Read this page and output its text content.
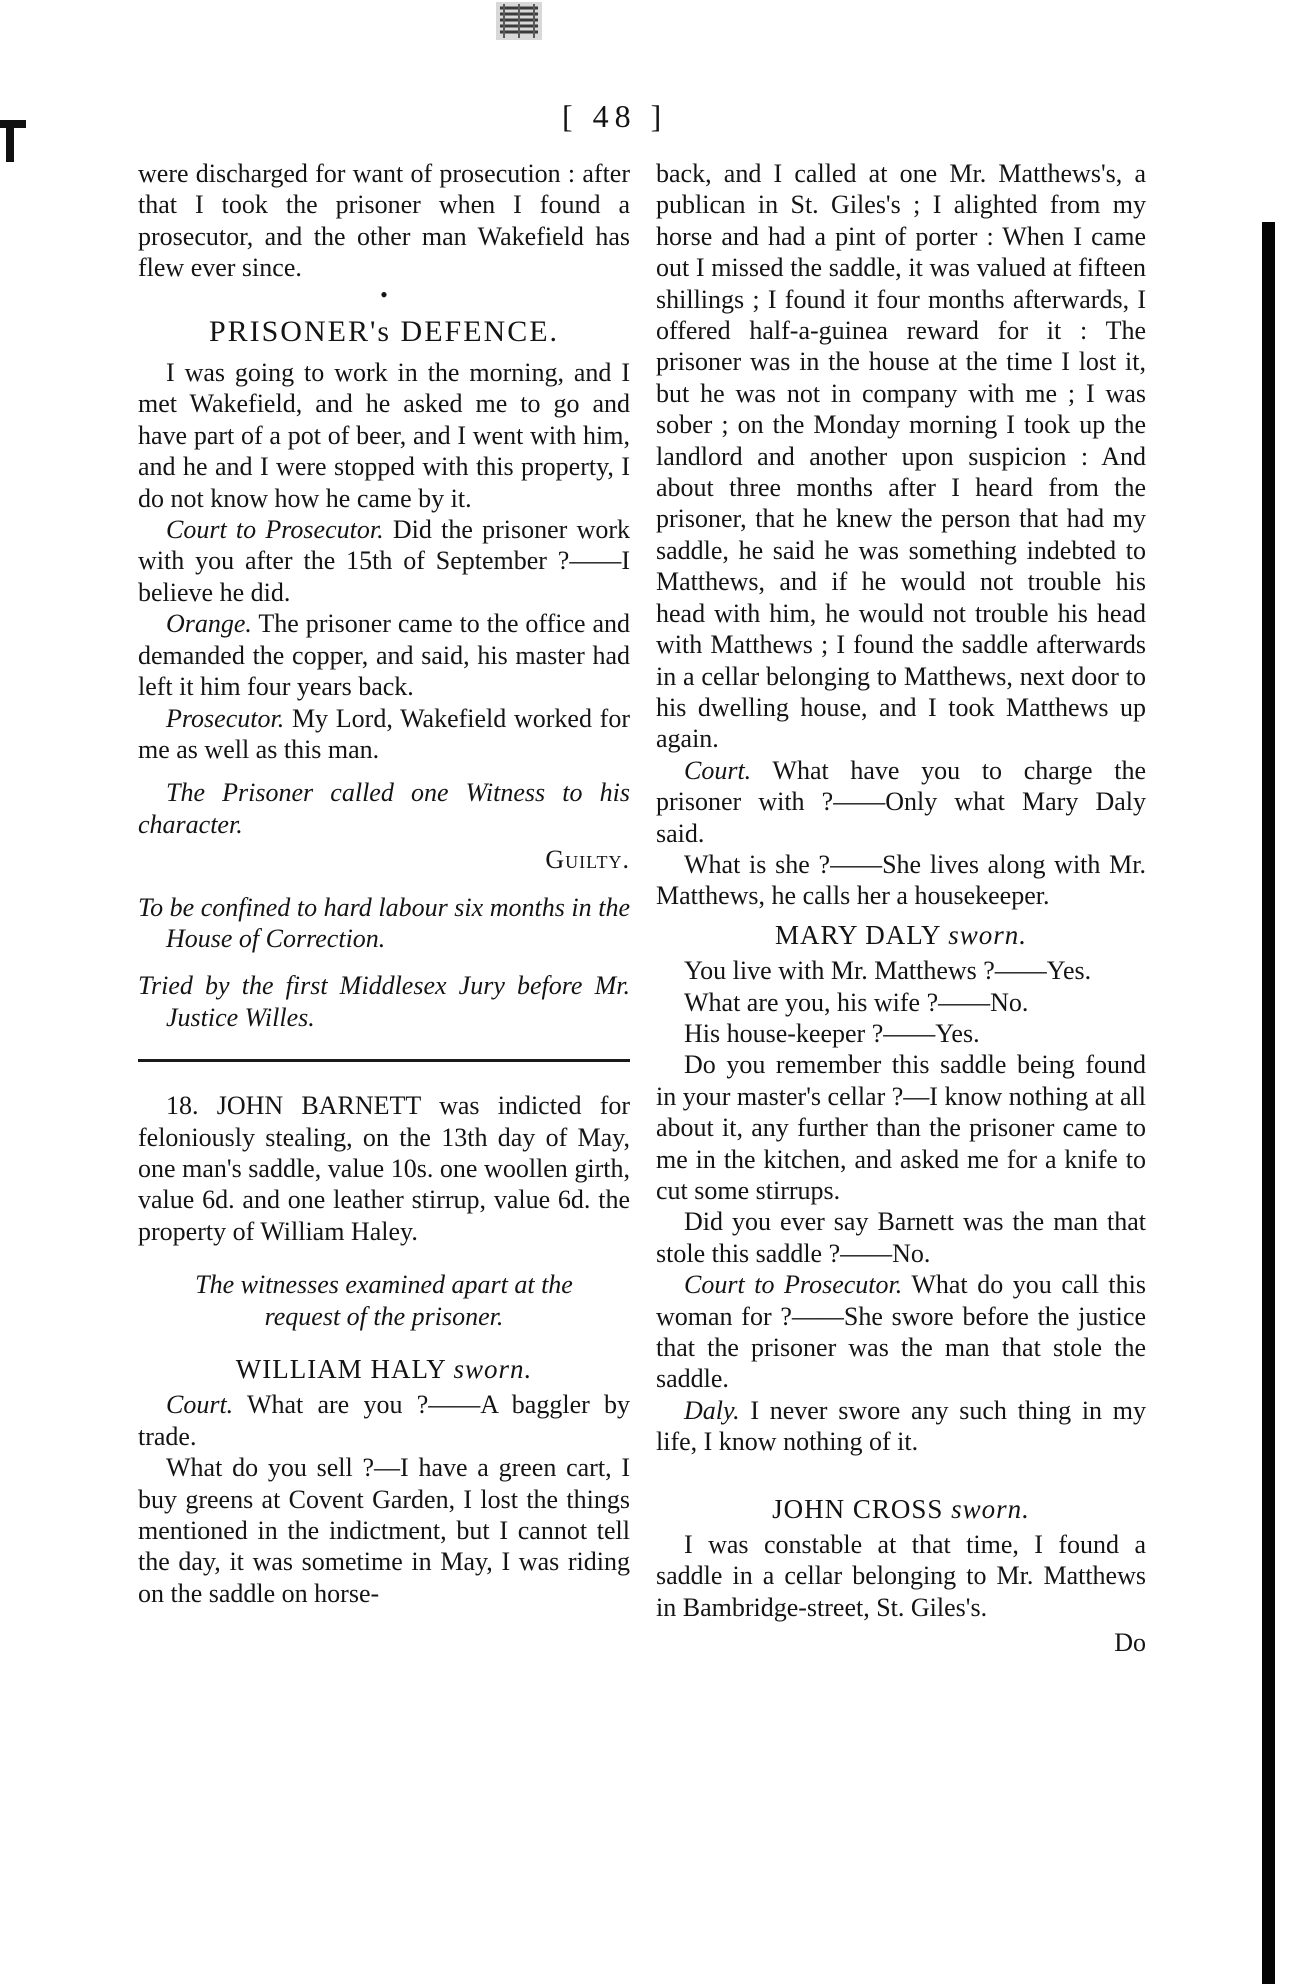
[ 48 ]

were discharged for want of prosecution : after that I took the prisoner when I found a prosecutor, and the other man Wakefield has flew ever since.

•
PRISONER's DEFENCE.

I was going to work in the morning, and I met Wakefield, and he asked me to go and have part of a pot of beer, and I went with him, and he and I were stopped with this property, I do not know how he came by it.

Court to Prosecutor. Did the prisoner work with you after the 15th of September ?——I believe he did.

Orange. The prisoner came to the office and demanded the copper, and said, his master had left it him four years back.

Prosecutor. My Lord, Wakefield worked for me as well as this man.

The Prisoner called one Witness to his character.

Guilty.

To be confined to hard labour six months in the House of Correction.

Tried by the first Middlesex Jury before Mr. Justice Willes.

18. JOHN BARNETT was indicted for feloniously stealing, on the 13th day of May, one man's saddle, value 10s. one woollen girth, value 6d. and one leather stirrup, value 6d. the property of William Haley.

The witnesses examined apart at the request of the prisoner.

WILLIAM HALY sworn.

Court. What are you ?——A baggler by trade.

What do you sell ?—I have a green cart, I buy greens at Covent Garden, I lost the things mentioned in the indictment, but I cannot tell the day, it was sometime in May, I was riding on the saddle on horse-

back, and I called at one Mr. Matthews's, a publican in St. Giles's ; I alighted from my horse and had a pint of porter : When I came out I missed the saddle, it was valued at fifteen shillings ; I found it four months afterwards, I offered half-a-guinea reward for it : The prisoner was in the house at the time I lost it, but he was not in company with me ; I was sober ; on the Monday morning I took up the landlord and another upon suspicion : And about three months after I heard from the prisoner, that he knew the person that had my saddle, he said he was something indebted to Matthews, and if he would not trouble his head with him, he would not trouble his head with Matthews ; I found the saddle afterwards in a cellar belonging to Matthews, next door to his dwelling house, and I took Matthews up again.

Court. What have you to charge the prisoner with ?——Only what Mary Daly said.

What is she ?——She lives along with Mr. Matthews, he calls her a housekeeper.

MARY DALY sworn.

You live with Mr. Matthews ?——Yes.

What are you, his wife ?——No.

His house-keeper ?——Yes.

Do you remember this saddle being found in your master's cellar ?—I know nothing at all about it, any further than the prisoner came to me in the kitchen, and asked me for a knife to cut some stirrups.

Did you ever say Barnett was the man that stole this saddle ?——No.

Court to Prosecutor. What do you call this woman for ?——She swore before the justice that the prisoner was the man that stole the saddle.

Daly. I never swore any such thing in my life, I know nothing of it.

JOHN CROSS sworn.

I was constable at that time, I found a saddle in a cellar belonging to Mr. Matthews in Bambridge-street, St. Giles's.

Do
